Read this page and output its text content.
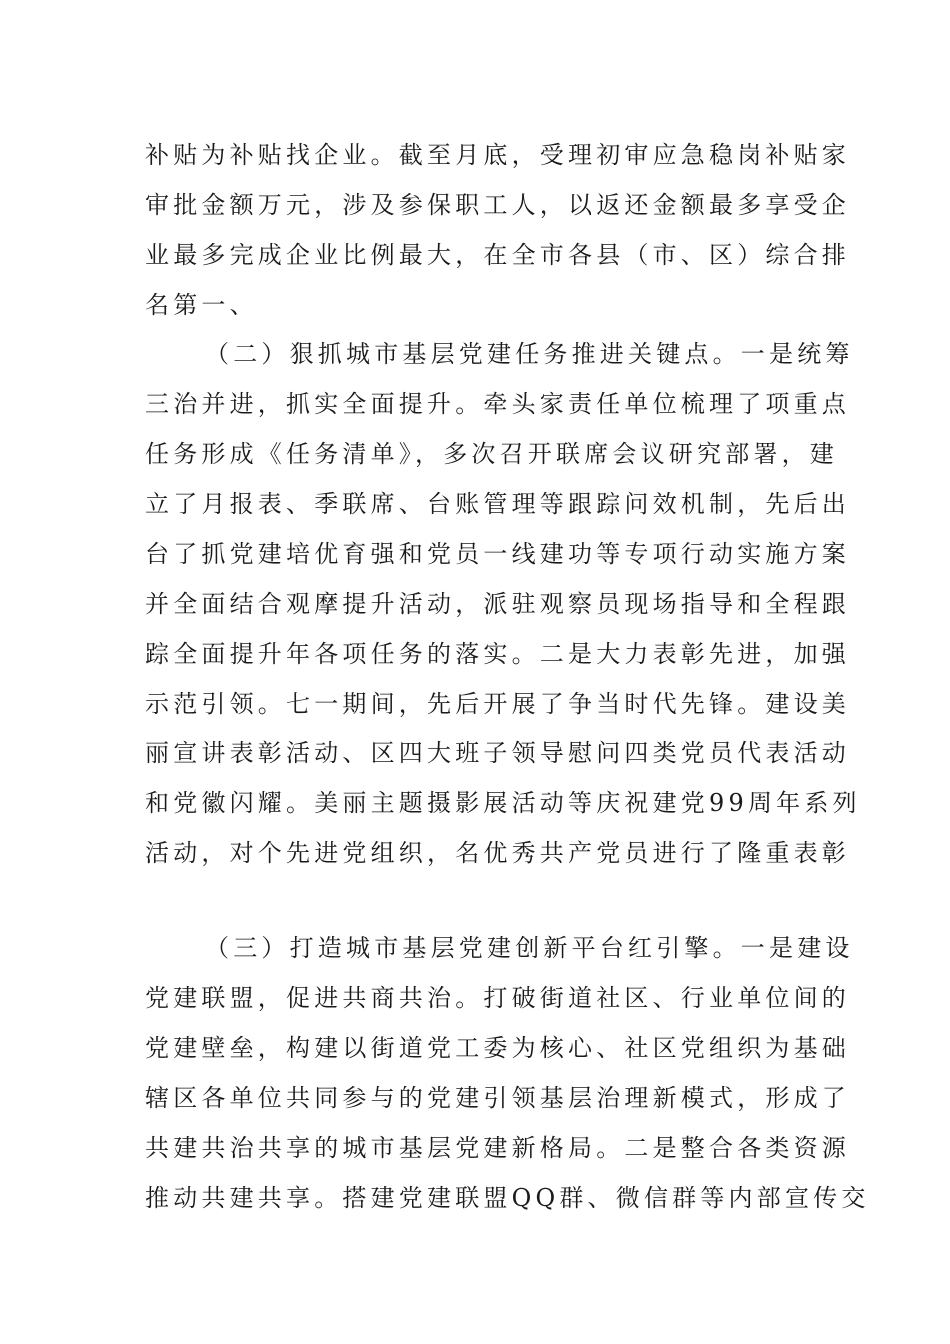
补贴为补贴找企业。截至月底，受理初审应急稳岗补贴家
审批金额万元，涉及参保职工人，以返还金额最多享受企
业最多完成企业比例最大，在全市各县（市、区）综合排
名第一、
（二）狠抓城市基层党建任务推进关键点。一是统筹
三治并进，抓实全面提升。牵头家责任单位梳理了项重点
任务形成《任务清单》，多次召开联席会议研究部署，建
立了月报表、季联席、台账管理等跟踪问效机制，先后出
台了抓党建培优育强和党员一线建功等专项行动实施方案
并全面结合观摩提升活动，派驻观察员现场指导和全程跟
踪全面提升年各项任务的落实。二是大力表彰先进，加强
示范引领。七一期间，先后开展了争当时代先锋。建设美
丽宣讲表彰活动、区四大班子领导慰问四类党员代表活动
和党徽闪耀。美丽主题摄影展活动等庆祝建党99周年系列
活动，对个先进党组织，名优秀共产党员进行了隆重表彰
（三）打造城市基层党建创新平台红引擎。一是建设
党建联盟，促进共商共治。打破街道社区、行业单位间的
党建壁垒，构建以街道党工委为核心、社区党组织为基础
辖区各单位共同参与的党建引领基层治理新模式，形成了
共建共治共享的城市基层党建新格局。二是整合各类资源
推动共建共享。搭建党建联盟QQ群、微信群等内部宣传交
